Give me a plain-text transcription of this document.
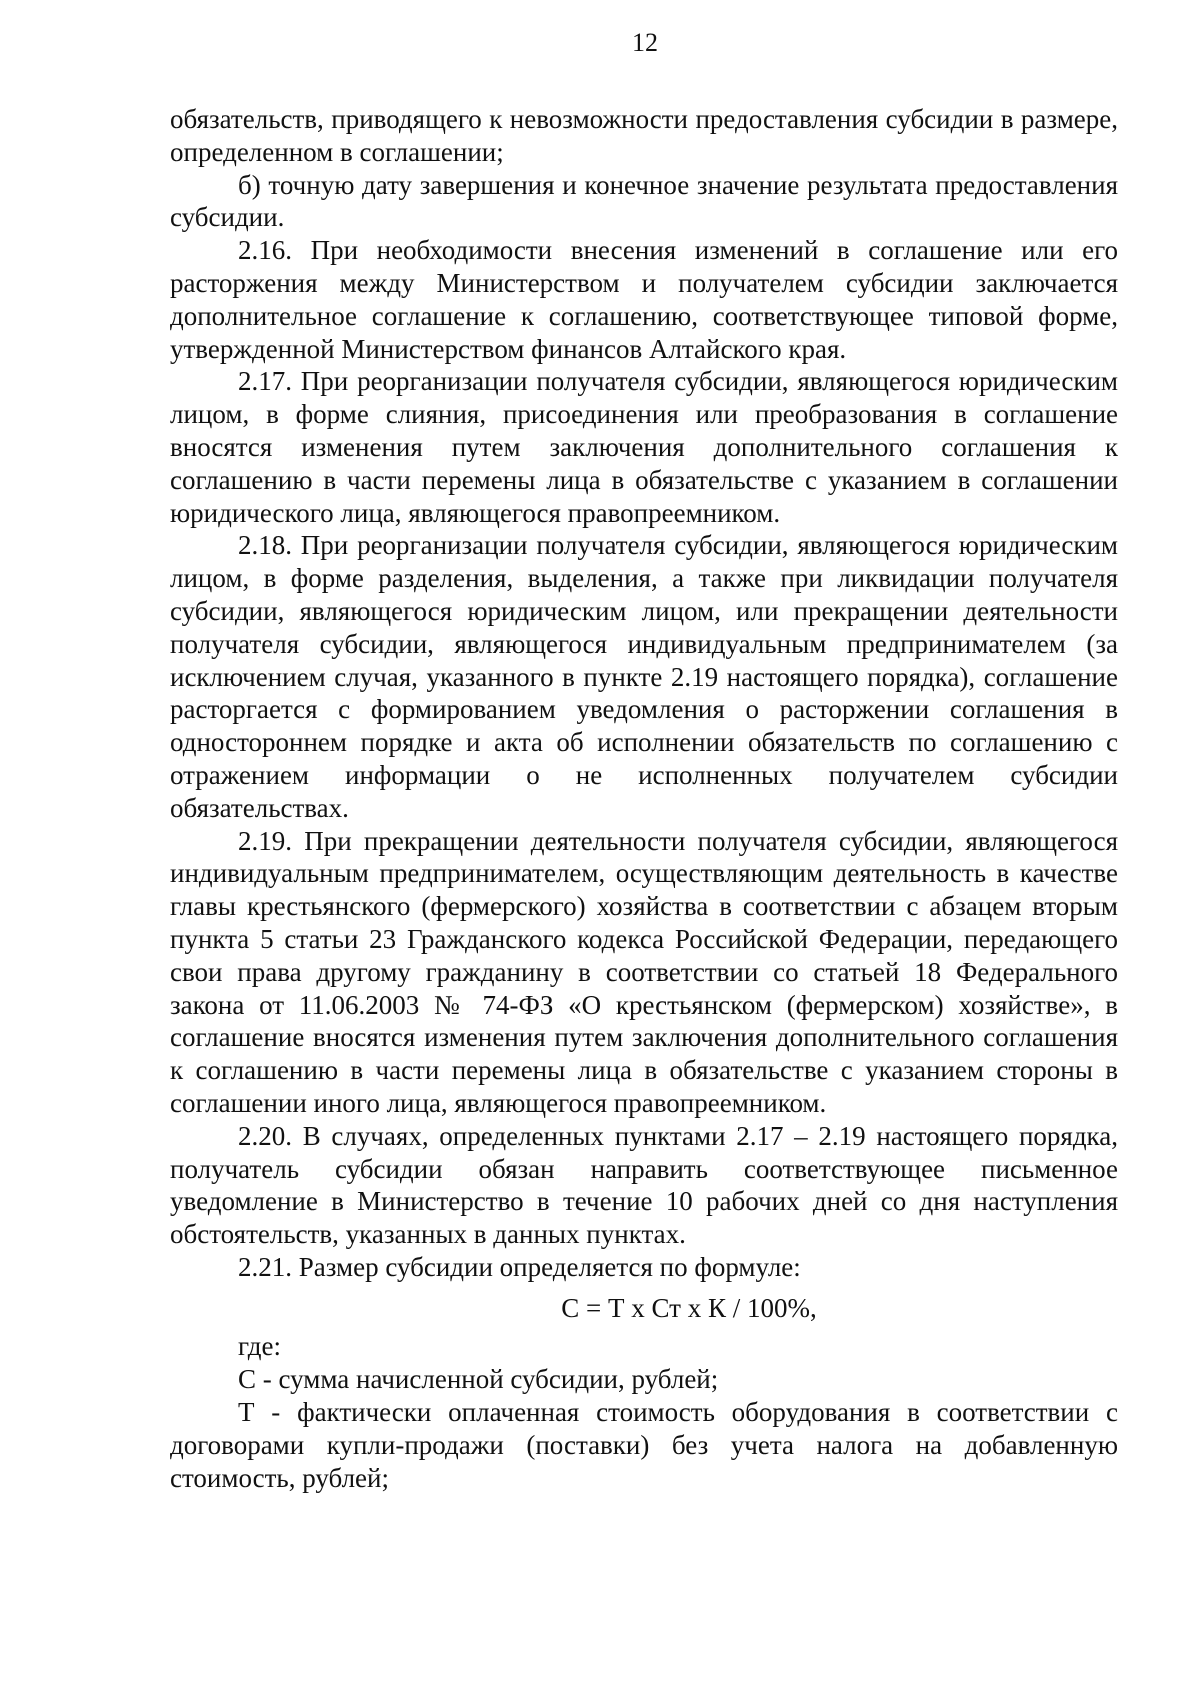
12

обязательств, приводящего к невозможности предоставления субсидии в размере, определенном в соглашении;

б) точную дату завершения и конечное значение результата предоставления субсидии.

2.16. При необходимости внесения изменений в соглашение или его расторжения между Министерством и получателем субсидии заключается дополнительное соглашение к соглашению, соответствующее типовой форме, утвержденной Министерством финансов Алтайского края.

2.17. При реорганизации получателя субсидии, являющегося юридическим лицом, в форме слияния, присоединения или преобразования в соглашение вносятся изменения путем заключения дополнительного соглашения к соглашению в части перемены лица в обязательстве с указанием в соглашении юридического лица, являющегося правопреемником.

2.18. При реорганизации получателя субсидии, являющегося юридическим лицом, в форме разделения, выделения, а также при ликвидации получателя субсидии, являющегося юридическим лицом, или прекращении деятельности получателя субсидии, являющегося индивидуальным предпринимателем (за исключением случая, указанного в пункте 2.19 настоящего порядка), соглашение расторгается с формированием уведомления о расторжении соглашения в одностороннем порядке и акта об исполнении обязательств по соглашению с отражением информации о не исполненных получателем субсидии обязательствах.

2.19. При прекращении деятельности получателя субсидии, являющегося индивидуальным предпринимателем, осуществляющим деятельность в качестве главы крестьянского (фермерского) хозяйства в соответствии с абзацем вторым пункта 5 статьи 23 Гражданского кодекса Российской Федерации, передающего свои права другому гражданину в соответствии со статьей 18 Федерального закона от 11.06.2003 № 74-ФЗ «О крестьянском (фермерском) хозяйстве», в соглашение вносятся изменения путем заключения дополнительного соглашения к соглашению в части перемены лица в обязательстве с указанием стороны в соглашении иного лица, являющегося правопреемником.

2.20. В случаях, определенных пунктами 2.17 – 2.19 настоящего порядка, получатель субсидии обязан направить соответствующее письменное уведомление в Министерство в течение 10 рабочих дней со дня наступления обстоятельств, указанных в данных пунктах.

2.21. Размер субсидии определяется по формуле:

С = Т х Ст х К / 100%,

где:

С - сумма начисленной субсидии, рублей;

Т - фактически оплаченная стоимость оборудования в соответствии с договорами купли-продажи (поставки) без учета налога на добавленную стоимость, рублей;
